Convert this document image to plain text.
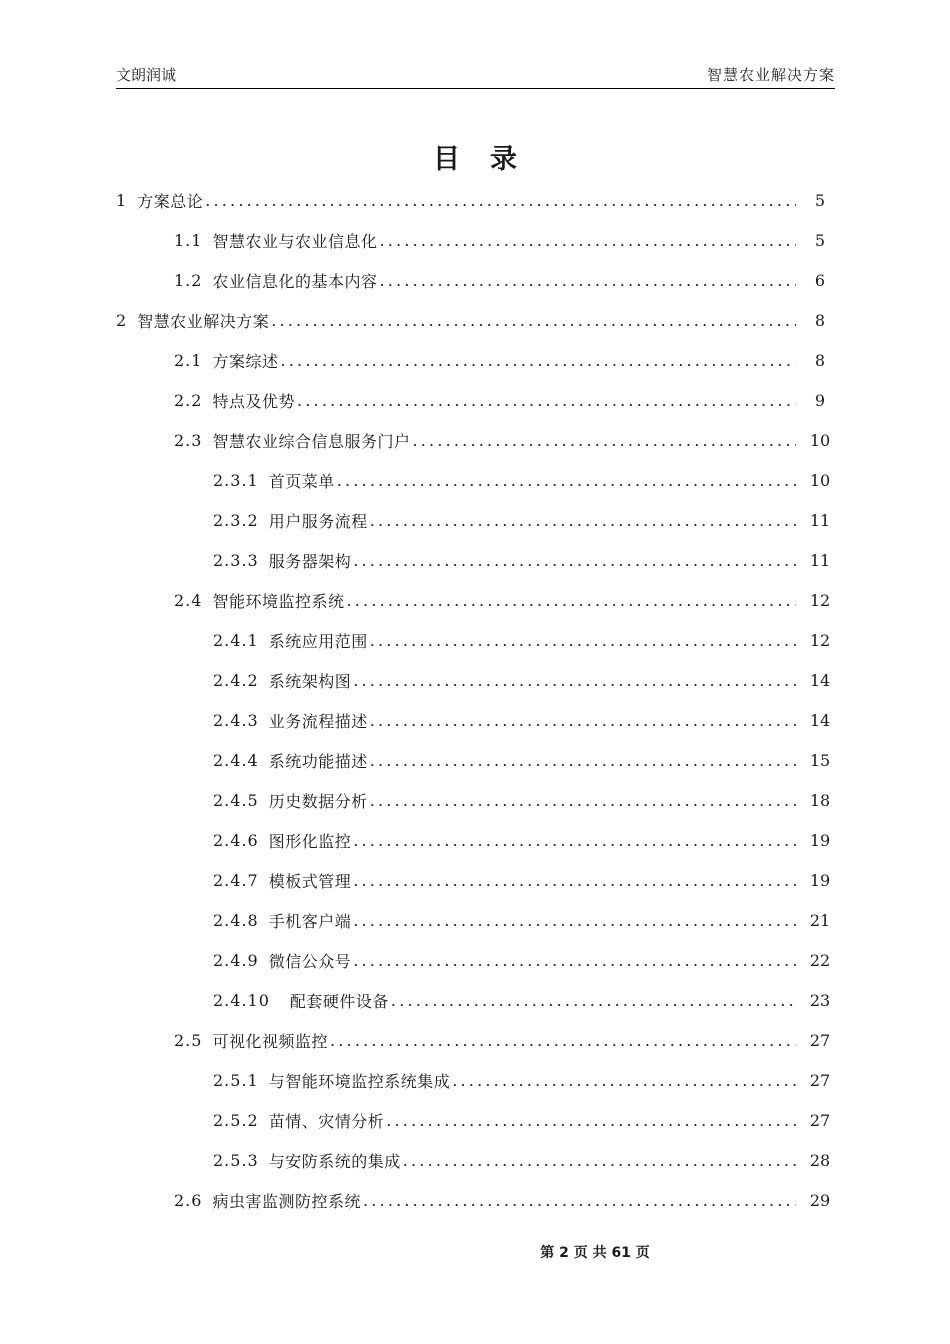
文朗润诚	智慧农业解决方案
目录
1 方案总论 .....	5
1.1 智慧农业与农业信息化 .....	5
1.2 农业信息化的基本内容 .....	6
2 智慧农业解决方案 .....	8
2.1 方案综述 .....	8
2.2 特点及优势 .....	9
2.3 智慧农业综合信息服务门户 .....	10
2.3.1 首页菜单 .....	10
2.3.2 用户服务流程 .....	11
2.3.3 服务器架构 .....	11
2.4 智能环境监控系统 .....	12
2.4.1 系统应用范围 .....	12
2.4.2 系统架构图 .....	14
2.4.3 业务流程描述 .....	14
2.4.4 系统功能描述 .....	15
2.4.5 历史数据分析 .....	18
2.4.6 图形化监控 .....	19
2.4.7 模板式管理 .....	19
2.4.8 手机客户端 .....	21
2.4.9 微信公众号 .....	22
2.4.10 配套硬件设备 .....	23
2.5 可视化视频监控 .....	27
2.5.1 与智能环境监控系统集成 .....	27
2.5.2 苗情、灾情分析 .....	27
2.5.3 与安防系统的集成 .....	28
2.6 病虫害监测防控系统 .....	29
第 2 页 共 61 页
